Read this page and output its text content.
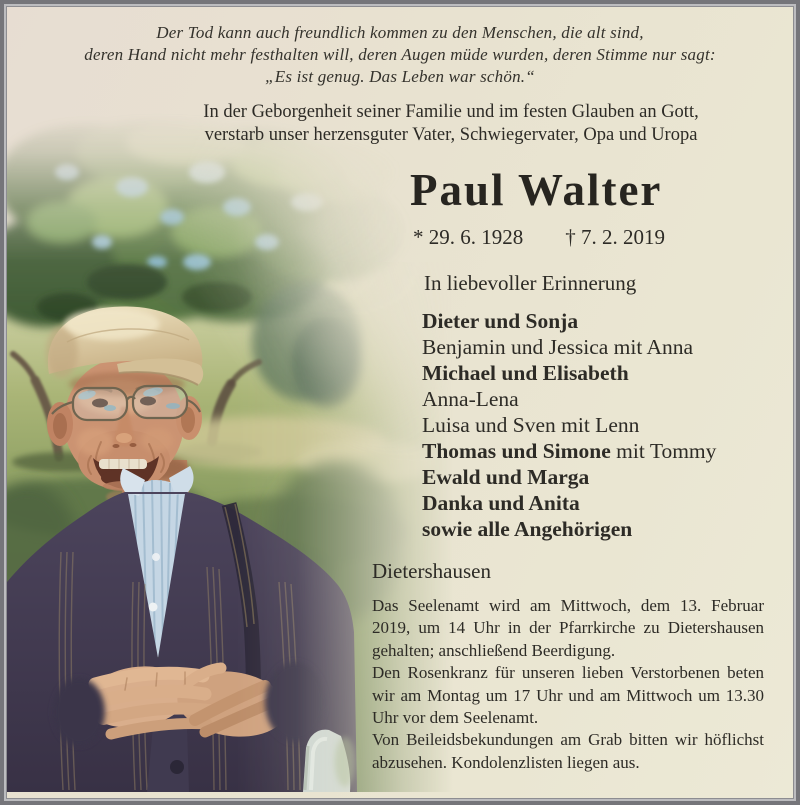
Der Tod kann auch freundlich kommen zu den Menschen, die alt sind,
deren Hand nicht mehr festhalten will, deren Augen müde wurden, deren Stimme nur sagt:
„Es ist genug. Das Leben war schön.“
In der Geborgenheit seiner Familie und im festen Glauben an Gott,
verstarb unser herzensguter Vater, Schwiegervater, Opa und Uropa
Paul Walter
* 29. 6. 1928 † 7. 2. 2019
In liebevoller Erinnerung
Dieter und Sonja
Benjamin und Jessica mit Anna
Michael und Elisabeth
Anna-Lena
Luisa und Sven mit Lenn
Thomas und Simone mit Tommy
Ewald und Marga
Danka und Anita
sowie alle Angehörigen
Dietershausen
Das Seelenamt wird am Mittwoch, dem 13. Februar 2019, um 14 Uhr in der Pfarrkirche zu Dietershausen gehalten; anschließend Beerdigung.
Den Rosenkranz für unseren lieben Verstorbenen beten wir am Montag um 17 Uhr und am Mittwoch um 13.30 Uhr vor dem Seelenamt.
Von Beileidsbekundungen am Grab bitten wir höflichst abzusehen. Kondolenzlisten liegen aus.
